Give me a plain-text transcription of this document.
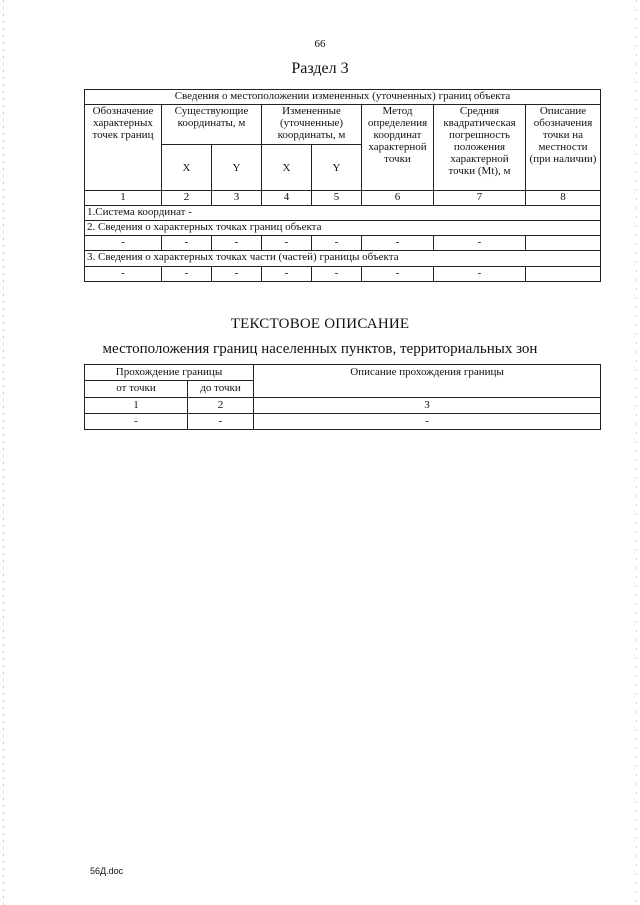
66
Раздел 3
Сведения о местоположении измененных (уточненных) границ объекта							
Обозначение характерных точек границ	Существующие координаты, м		Измененные (уточненные) координаты, м		Метод определения координат характерной точки	Средняя квадратическая погрешность положения характерной точки (Mt), м	Описание обозначения точки на местности (при наличии)
	X	Y	X	Y			
1	2	3	4	5	6	7	8
1.Система координат -							
2. Сведения о характерных точках границ объекта							
-	-	-	-	-	-	-	
3. Сведения о характерных точках части (частей) границы объекта							
-	-	-	-	-	-	-	
ТЕКСТОВОЕ ОПИСАНИЕ
местоположения границ населенных пунктов, территориальных зон
Прохождение границы		Описание прохождения границы
от точки	до точки	
1	2	3
-	-	-
56Д.doc
